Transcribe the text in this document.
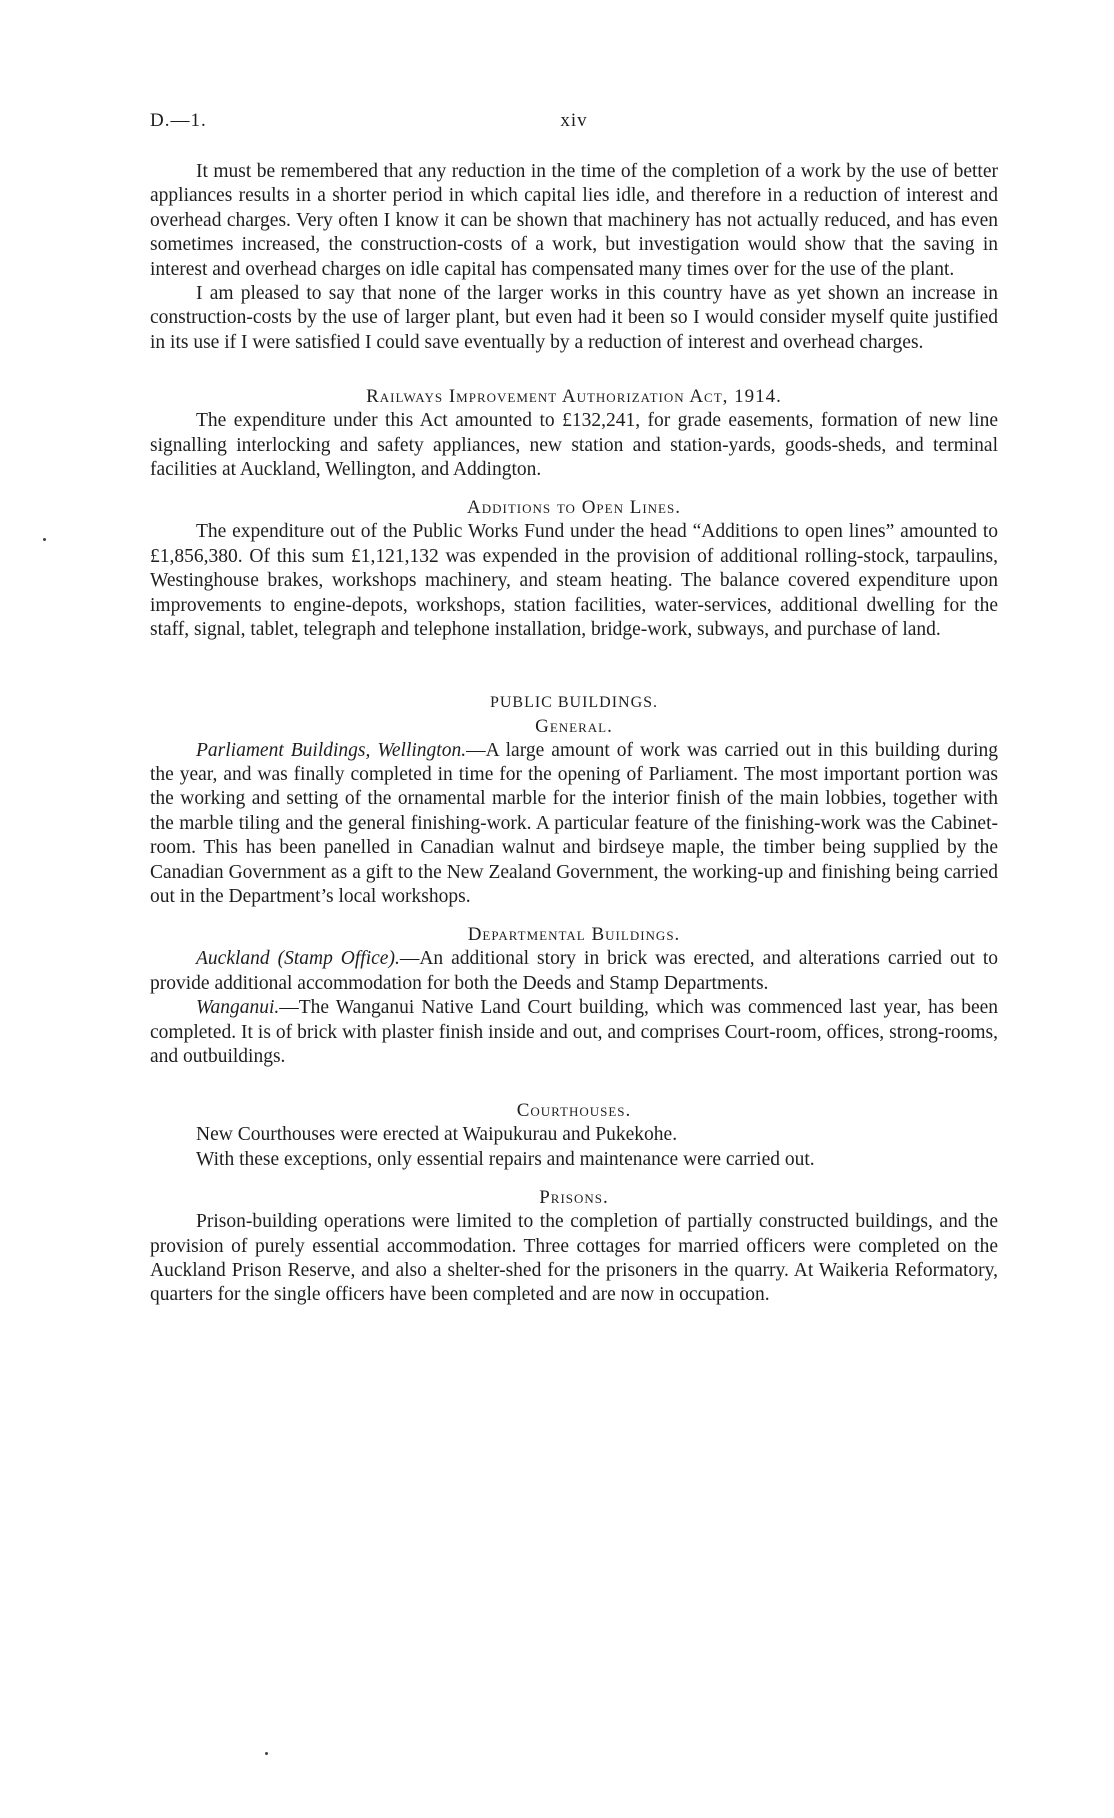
xiv
D.—1.

It must be remembered that any reduction in the time of the completion of a work by the use of better appliances results in a shorter period in which capital lies idle, and therefore in a reduction of interest and overhead charges. Very often I know it can be shown that machinery has not actually reduced, and has even sometimes increased, the construction-costs of a work, but investigation would show that the saving in interest and overhead charges on idle capital has compensated many times over for the use of the plant.

I am pleased to say that none of the larger works in this country have as yet shown an increase in construction-costs by the use of larger plant, but even had it been so I would consider myself quite justified in its use if I were satisfied I could save eventually by a reduction of interest and overhead charges.

Railways Improvement Authorization Act, 1914.

The expenditure under this Act amounted to £132,241, for grade easements, formation of new line signalling interlocking and safety appliances, new station and station-yards, goods-sheds, and terminal facilities at Auckland, Wellington, and Addington.

Additions to Open Lines.

The expenditure out of the Public Works Fund under the head “Additions to open lines” amounted to £1,856,380. Of this sum £1,121,132 was expended in the provision of additional rolling-stock, tarpaulins, Westinghouse brakes, workshops machinery, and steam heating. The balance covered expenditure upon improvements to engine-depots, workshops, station facilities, water-services, additional dwelling for the staff, signal, tablet, telegraph and telephone installation, bridge-work, subways, and purchase of land.

PUBLIC BUILDINGS.
General.

Parliament Buildings, Wellington.—A large amount of work was carried out in this building during the year, and was finally completed in time for the opening of Parliament. The most important portion was the working and setting of the ornamental marble for the interior finish of the main lobbies, together with the marble tiling and the general finishing-work. A particular feature of the finishing-work was the Cabinet-room. This has been panelled in Canadian walnut and birdseye maple, the timber being supplied by the Canadian Government as a gift to the New Zealand Government, the working-up and finishing being carried out in the Department’s local workshops.

Departmental Buildings.

Auckland (Stamp Office).—An additional story in brick was erected, and alterations carried out to provide additional accommodation for both the Deeds and Stamp Departments.

Wanganui.—The Wanganui Native Land Court building, which was commenced last year, has been completed. It is of brick with plaster finish inside and out, and comprises Court-room, offices, strong-rooms, and outbuildings.

Courthouses.

New Courthouses were erected at Waipukurau and Pukekohe.

With these exceptions, only essential repairs and maintenance were carried out.

Prisons.

Prison-building operations were limited to the completion of partially constructed buildings, and the provision of purely essential accommodation. Three cottages for married officers were completed on the Auckland Prison Reserve, and also a shelter-shed for the prisoners in the quarry. At Waikeria Reformatory, quarters for the single officers have been completed and are now in occupation.
